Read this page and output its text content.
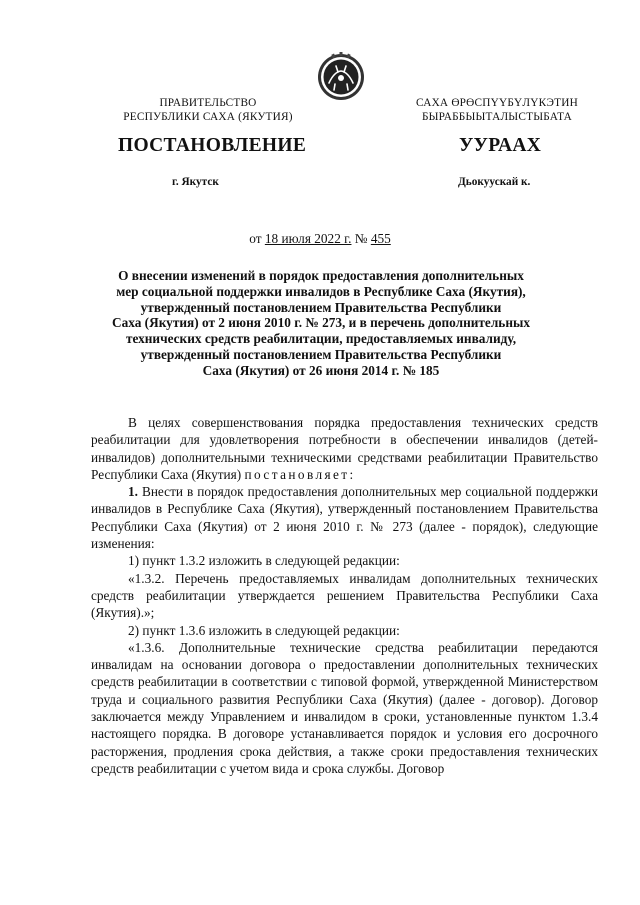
ПРАВИТЕЛЬСТВО
РЕСПУБЛИКИ САХА (ЯКУТИЯ)
САХА ӨРӨСПҮҮБҮЛҮКЭТИН
БЫРАББЫЫТАЛЫСТЫБАТА
ПОСТАНОВЛЕНИЕ	УУРААХ
г. Якутск	Дьокуускай к.
от 18 июля 2022 г. № 455
О внесении изменений в порядок предоставления дополнительных
мер социальной поддержки инвалидов в Республике Саха (Якутия),
утвержденный постановлением Правительства Республики
Саха (Якутия) от 2 июня 2010 г. № 273, и в перечень дополнительных
технических средств реабилитации, предоставляемых инвалиду,
утвержденный постановлением Правительства Республики
Саха (Якутия) от 26 июня 2014 г. № 185

В целях совершенствования порядка предоставления технических средств реабилитации для удовлетворения потребности в обеспечении инвалидов (детей-инвалидов) дополнительными техническими средствами реабилитации Правительство Республики Саха (Якутия) постановляет:

1. Внести в порядок предоставления дополнительных мер социальной поддержки инвалидов в Республике Саха (Якутия), утвержденный постановлением Правительства Республики Саха (Якутия) от 2 июня 2010 г. № 273 (далее - порядок), следующие изменения:

1) пункт 1.3.2 изложить в следующей редакции:

«1.3.2. Перечень предоставляемых инвалидам дополнительных технических средств реабилитации утверждается решением Правительства Республики Саха (Якутия).»;

2) пункт 1.3.6 изложить в следующей редакции:

«1.3.6. Дополнительные технические средства реабилитации передаются инвалидам на основании договора о предоставлении дополнительных технических средств реабилитации в соответствии с типовой формой, утвержденной Министерством труда и социального развития Республики Саха (Якутия) (далее - договор). Договор заключается между Управлением и инвалидом в сроки, установленные пунктом 1.3.4 настоящего порядка. В договоре устанавливается порядок и условия его досрочного расторжения, продления срока действия, а также сроки предоставления технических средств реабилитации с учетом вида и срока службы. Договор
